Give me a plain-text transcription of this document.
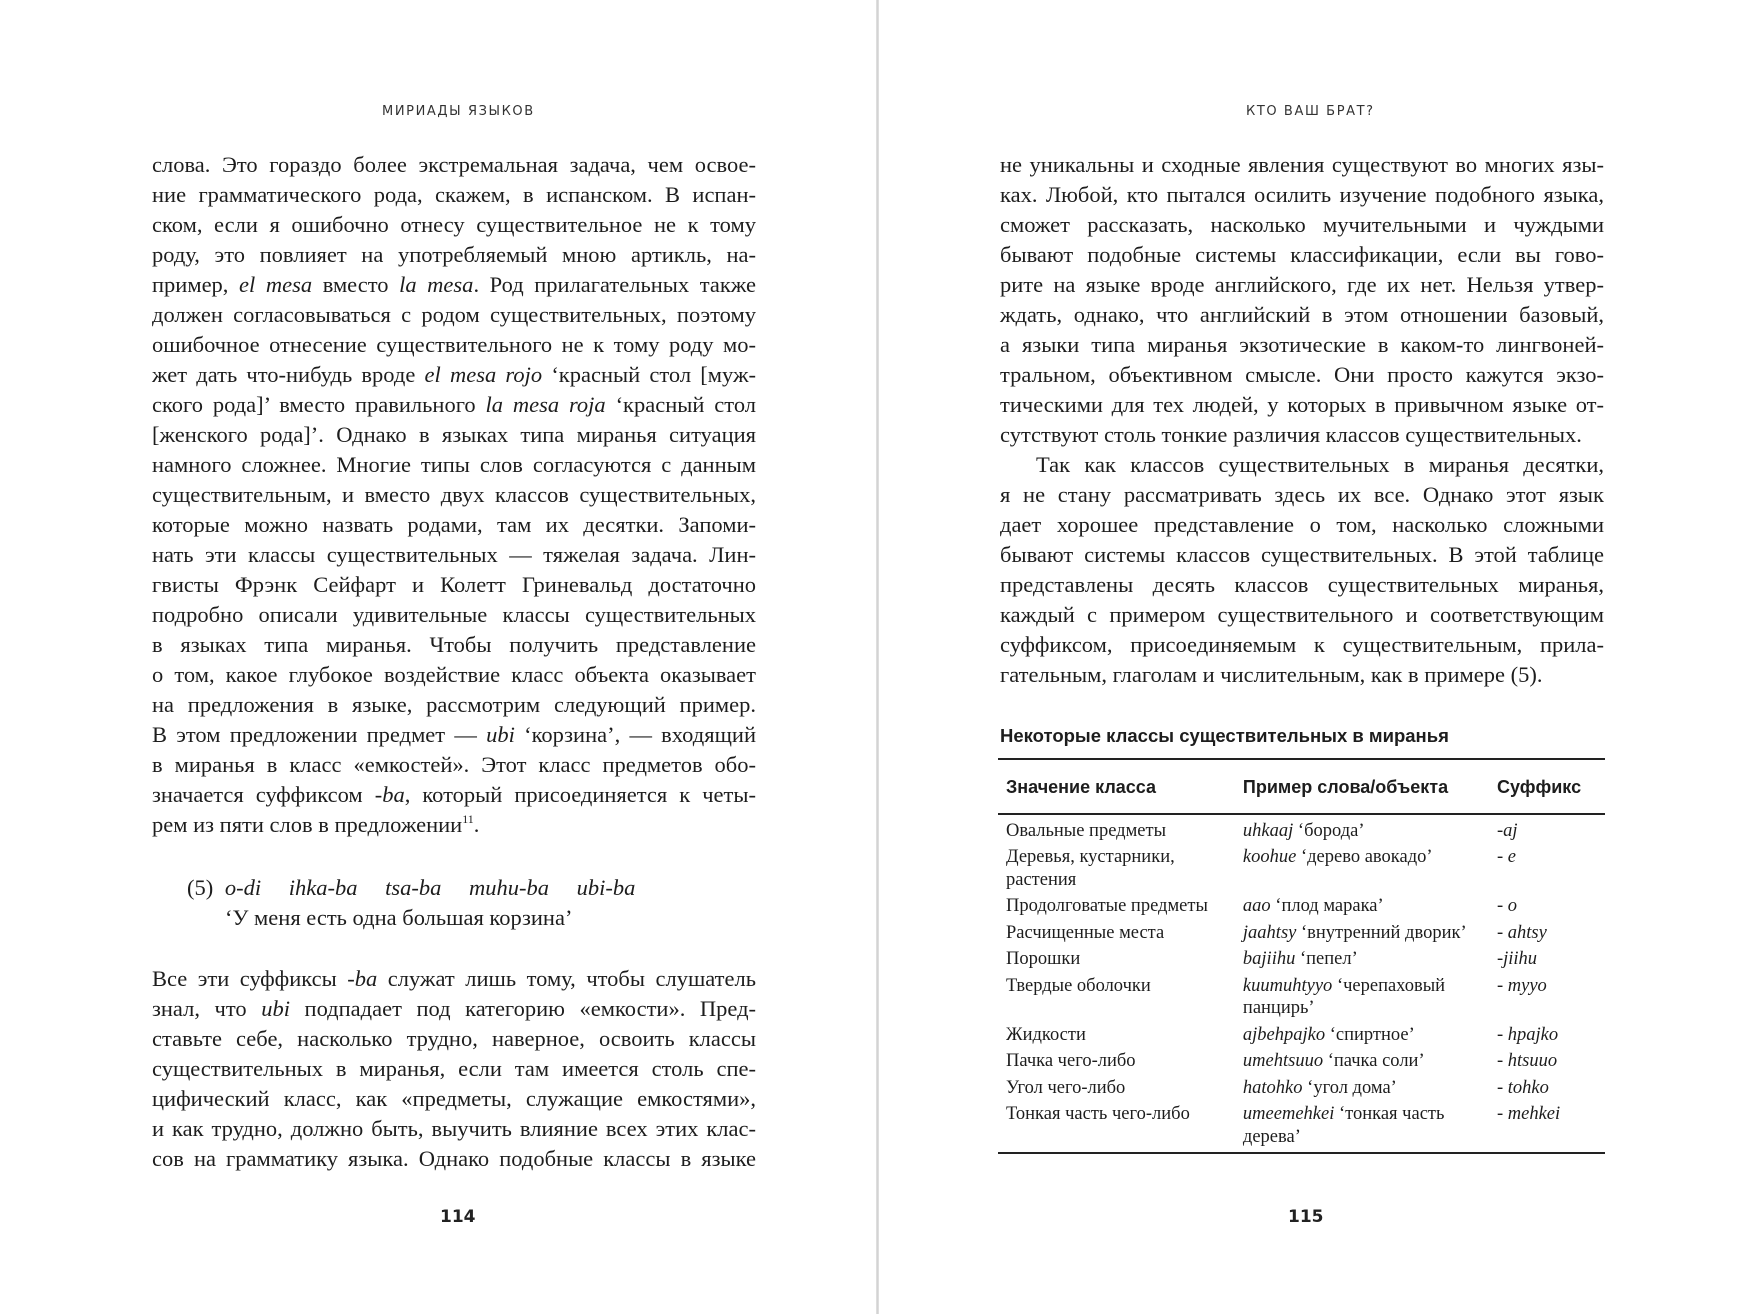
МИРИАДЫ ЯЗЫКОВ
слова. Это гораздо более экстремальная задача, чем освое-
ние грамматического рода, скажем, в испанском. В испан-
ском, если я ошибочно отнесу существительное не к тому
роду, это повлияет на употребляемый мною артикль, на-
пример, el mesa вместо la mesa. Род прилагательных также
должен согласовываться с родом существительных, поэтому
ошибочное отнесение существительного не к тому роду мо-
жет дать что-нибудь вроде el mesa rojo ‘красный стол [муж-
ского рода]’ вместо правильного la mesa roja ‘красный стол
[женского рода]’. Однако в языках типа миранья ситуация
намного сложнее. Многие типы слов согласуются с данным
существительным, и вместо двух классов существительных,
которые можно назвать родами, там их десятки. Запоми-
нать эти классы существительных — тяжелая задача. Лин-
гвисты Фрэнк Сейфарт и Колетт Гриневальд достаточно
подробно описали удивительные классы существительных
в языках типа миранья. Чтобы получить представление
о том, какое глубокое воздействие класс объекта оказывает
на предложения в языке, рассмотрим следующий пример.
В этом предложении предмет — ubi ‘корзина’, — входящий
в миранья в класс «емкостей». Этот класс предметов обо-
значается суффиксом -ba, который присоединяется к четы-
рем из пяти слов в предложении$^{11}$.
(5) o-di ihka-ba tsa-ba muhu-ba ubi-ba
‘У меня есть одна большая корзина’
Все эти суффиксы -ba служат лишь тому, чтобы слушатель
знал, что ubi подпадает под категорию «емкости». Пред-
ставьте себе, насколько трудно, наверное, освоить классы
существительных в миранья, если там имеется столь спе-
цифический класс, как «предметы, служащие емкостями»,
и как трудно, должно быть, выучить влияние всех этих клас-
сов на грамматику языка. Однако подобные классы в языке
114
КТО ВАШ БРАТ?
не уникальны и сходные явления существуют во многих язы-
ках. Любой, кто пытался осилить изучение подобного языка,
сможет рассказать, насколько мучительными и чуждыми
бывают подобные системы классификации, если вы гово-
рите на языке вроде английского, где их нет. Нельзя утвер-
ждать, однако, что английский в этом отношении базовый,
а языки типа миранья экзотические в каком-то лингвоней-
тральном, объективном смысле. Они просто кажутся экзо-
тическими для тех людей, у которых в привычном языке от-
сутствуют столь тонкие различия классов существительных.
Так как классов существительных в миранья десятки,
я не стану рассматривать здесь их все. Однако этот язык
дает хорошее представление о том, насколько сложными
бывают системы классов существительных. В этой таблице
представлены десять классов существительных миранья,
каждый с примером существительного и соответствующим
суффиксом, присоединяемым к существительным, прила-
гательным, глаголам и числительным, как в примере (5).
Некоторые классы существительных в миранья
Значение класса	Пример слова/объекта	Суффикс
Овальные предметы	uhkaaj ‘борода’	-aj
Деревья, кустарники, растения	koohue ‘дерево авокадо’	- e
Продолговатые предметы	aao ‘плод марака’	- o
Расчищенные места	jaahtsy ‘внутренний дворик’	- ahtsy
Порошки	bajiihu ‘пепел’	-jiihu
Твердые оболочки	kuumuhtyyo ‘черепаховый панцирь’	- myyo
Жидкости	ajbehpajko ‘спиртное’	- hpajko
Пачка чего-либо	umehtsuuo ‘пачка соли’	- htsuuo
Угол чего-либо	hatohko ‘угол дома’	- tohko
Тонкая часть чего-либо	umeemehkei ‘тонкая часть дерева’	- mehkei
115
